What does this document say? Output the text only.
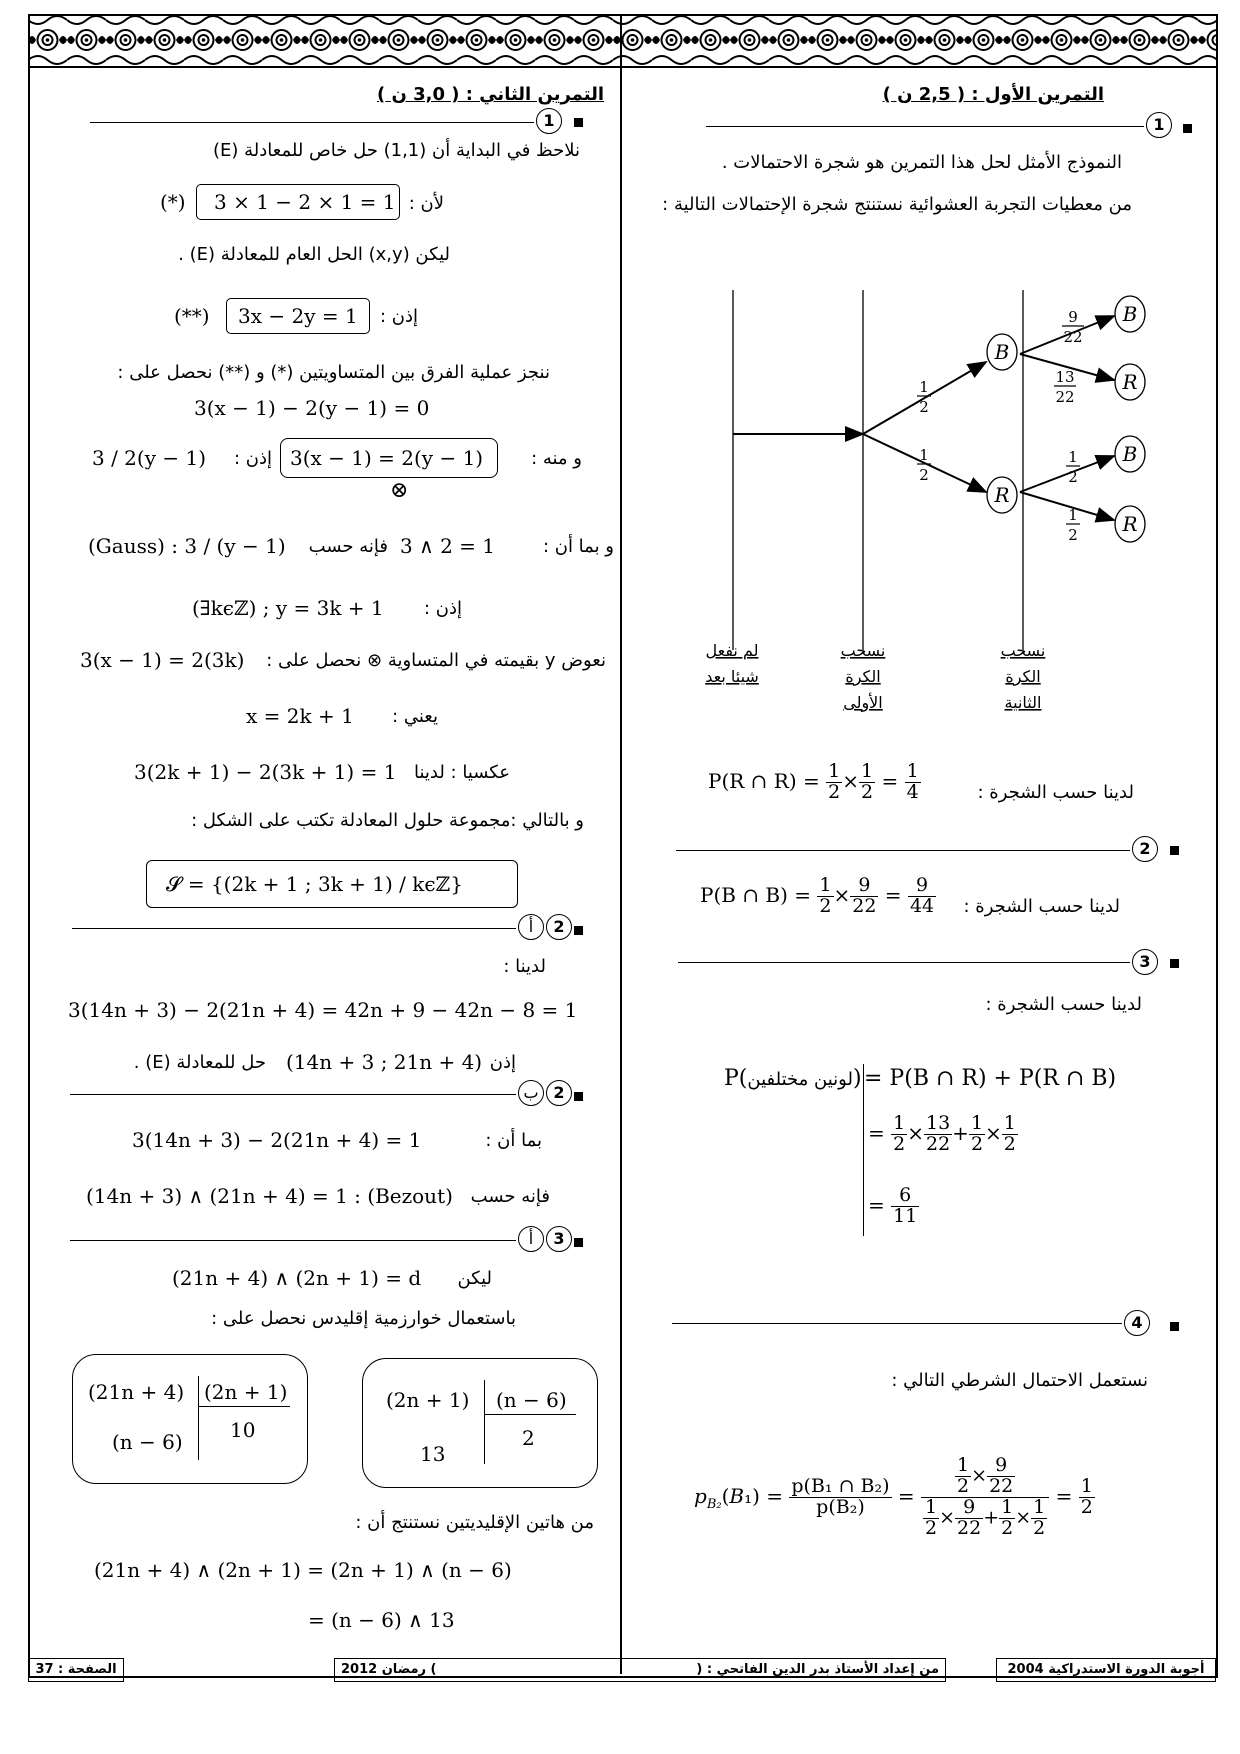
التمرين الأول : ( 2,5 ن )
1
النموذج الأمثل لحل هذا التمرين هو شجرة الاحتمالات .
من معطيات التجربة العشوائية نستنتج شجرة الإحتمالات التالية :
B
R
B
R
B
R
1
2
1
2
9
22
13
22
1
2
1
2
لم نفعل
شيئا بعد
نسحب
الكرة
الأولى
نسحب
الكرة
الثانية
لدينا حسب الشجرة :
P(R ∩ $R) = \frac{1}{2} \times \frac{1}{2} = \frac{1}{4}$
2
لدينا حسب الشجرة :
P(B ∩ $B) = \frac{1}{2} \times \frac{9}{22} = \frac{9}{44}$
3
لدينا حسب الشجرة :
P(لونين مختلفين) = P(B ∩ R) + P(R ∩ B)
= $\frac{1}{2} \times \frac{13}{22} + \frac{1}{2} \times \frac{1}{2}$
= $\frac{6}{11}$
4
نستعمل الاحتمال الشرطي التالي :
$p_{B_2}(B_1) = \frac{\text{p(B₁ ∩ B₂)}}{\text{p(B₂)}} = \frac{\frac{1}{2} \times \frac{9}{22}}{\frac{1}{2} \times \frac{9}{22} + \frac{1}{2} \times \frac{1}{2}} = \frac{1}{2}$
التمرين الثاني : ( 3,0 ن )
1
نلاحظ في البداية أن (1,1) حل خاص للمعادلة (E)
لأن :
3 × 1 − 2 × 1 = 1
(*)
ليكن (x,y) الحل العام للمعادلة (E) .
إذن :
3x − 2y = 1
(**)
ننجز عملية الفرق بين المتساويتين (*) و (**) نحصل على :
3(x − 1) − 2(y − 1) = 0
و منه :
3(x − 1) = 2(y − 1)
إذن :
3 / 2(y − 1)
⊗
و بما أن :
3 ∧ 2 = 1
فإنه حسب
(Gauss) : 3 / (y − 1)
إذن :
(∃kϵℤ) ; y = 3k + 1
نعوض y بقيمته في المتساوية ⊗ نحصل على :
3(x − 1) = 2(3k)
يعني :
x = 2k + 1
عكسيا : لدينا
3(2k + 1) − 2(3k + 1) = 1
و بالتالي :مجموعة حلول المعادلة تكتب على الشكل :
𝓢 = {(2k + 1 ; 3k + 1) / kϵℤ}
2
أ
لدينا :
3(14n + 3) − 2(21n + 4) = 42n + 9 − 42n − 8 = 1
إذن
(14n + 3 ; 21n + 4)
حل للمعادلة (E) .
2
ب
بما أن :
3(14n + 3) − 2(21n + 4) = 1
فإنه حسب
(14n + 3) ∧ (21n + 4) = 1 : (Bezout)
3
أ
ليكن
(21n + 4) ∧ (2n + 1) = d
باستعمال خوارزمية إقليدس نحصل على :
(21n + 4) (2n + 1)
10
(n − 6)
(2n + 1) (n − 6)
2
13
من هاتين الإقليديتين نستنتج أن :
(21n + 4) ∧ (2n + 1) = (2n + 1) ∧ (n − 6)
= (n − 6) ∧ 13
أجوبة الدورة الاستدراكية 2004
من إعداد الأستاذ بدر الدين الفاتحي : (
) رمضان 2012
الصفحة : 37
